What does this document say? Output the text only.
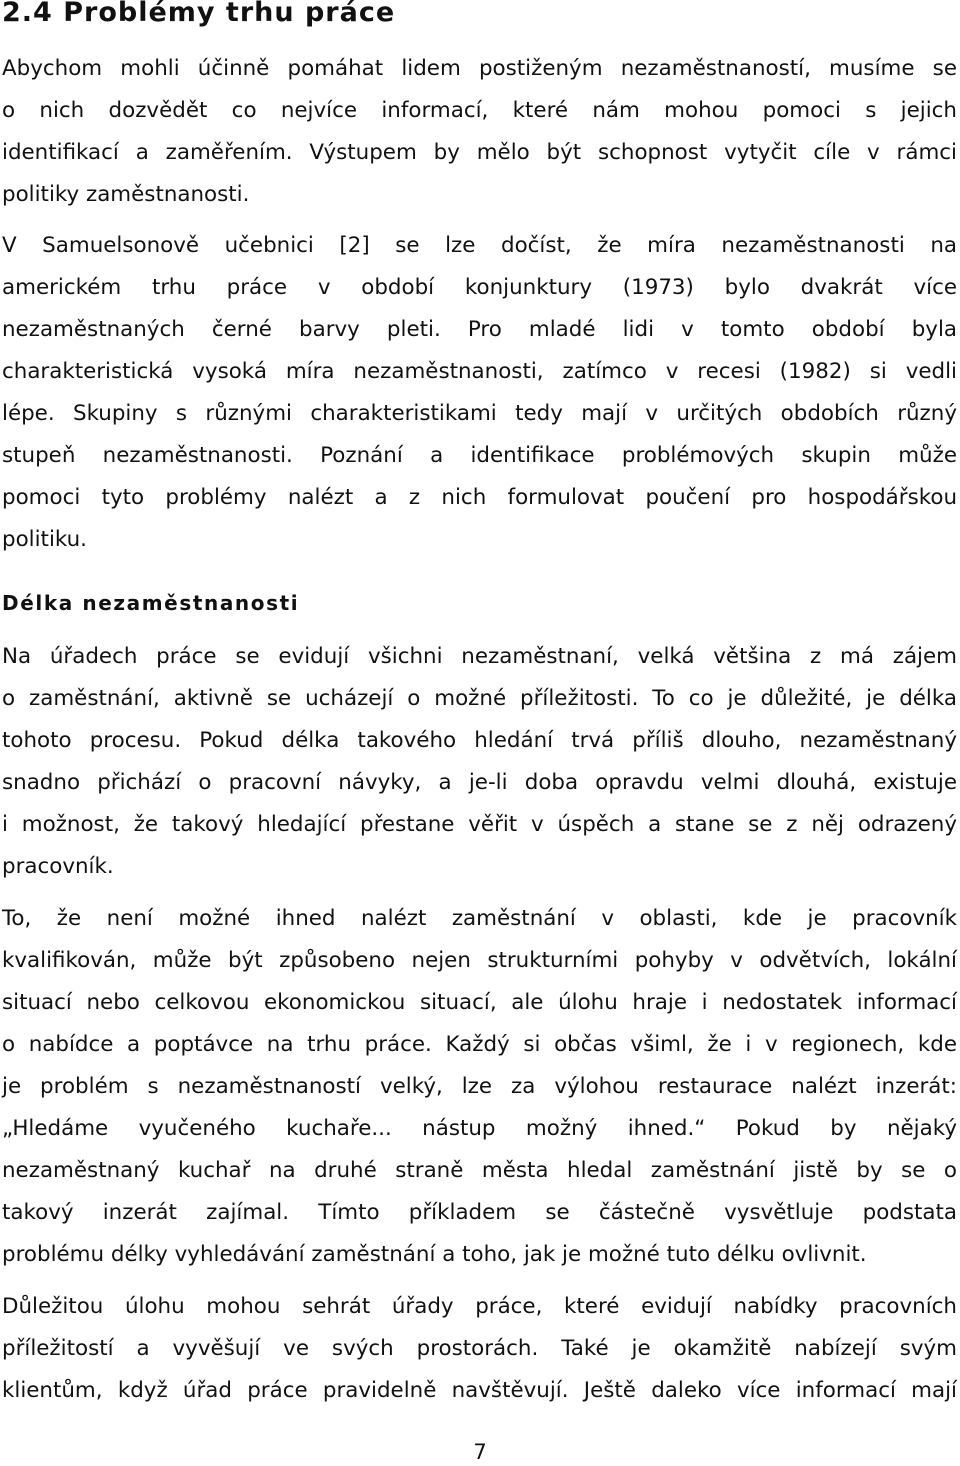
2.4 Problémy trhu práce
Abychom mohli účinně pomáhat lidem postiženým nezaměstnaností, musíme se
o nich dozvědět co nejvíce informací, které nám mohou pomoci s jejich
identifikací a zaměřením. Výstupem by mělo být schopnost vytyčit cíle v rámci
politiky zaměstnanosti.
V Samuelsonově učebnici [2] se lze dočíst, že míra nezaměstnanosti na
americkém trhu práce v období konjunktury (1973) bylo dvakrát více
nezaměstnaných černé barvy pleti. Pro mladé lidi v tomto období byla
charakteristická vysoká míra nezaměstnanosti, zatímco v recesi (1982) si vedli
lépe. Skupiny s různými charakteristikami tedy mají v určitých obdobích různý
stupeň nezaměstnanosti. Poznání a identifikace problémových skupin může
pomoci tyto problémy nalézt a z nich formulovat poučení pro hospodářskou
politiku.
Délka nezaměstnanosti
Na úřadech práce se evidují všichni nezaměstnaní, velká většina z má zájem
o zaměstnání, aktivně se ucházejí o možné příležitosti. To co je důležité, je délka
tohoto procesu. Pokud délka takového hledání trvá příliš dlouho, nezaměstnaný
snadno přichází o pracovní návyky, a je-li doba opravdu velmi dlouhá, existuje
i možnost, že takový hledající přestane věřit v úspěch a stane se z něj odrazený
pracovník.
To, že není možné ihned nalézt zaměstnání v oblasti, kde je pracovník
kvalifikován, může být způsobeno nejen strukturními pohyby v odvětvích, lokální
situací nebo celkovou ekonomickou situací, ale úlohu hraje i nedostatek informací
o nabídce a poptávce na trhu práce. Každý si občas všiml, že i v regionech, kde
je problém s nezaměstnaností velký, lze za výlohou restaurace nalézt inzerát:
„Hledáme vyučeného kuchaře... nástup možný ihned.“ Pokud by nějaký
nezaměstnaný kuchař na druhé straně města hledal zaměstnání jistě by se o
takový inzerát zajímal. Tímto příkladem se částečně vysvětluje podstata
problému délky vyhledávání zaměstnání a toho, jak je možné tuto délku ovlivnit.
Důležitou úlohu mohou sehrát úřady práce, které evidují nabídky pracovních
příležitostí a vyvěšují ve svých prostorách. Také je okamžitě nabízejí svým
klientům, když úřad práce pravidelně navštěvují. Ještě daleko více informací mají
7
